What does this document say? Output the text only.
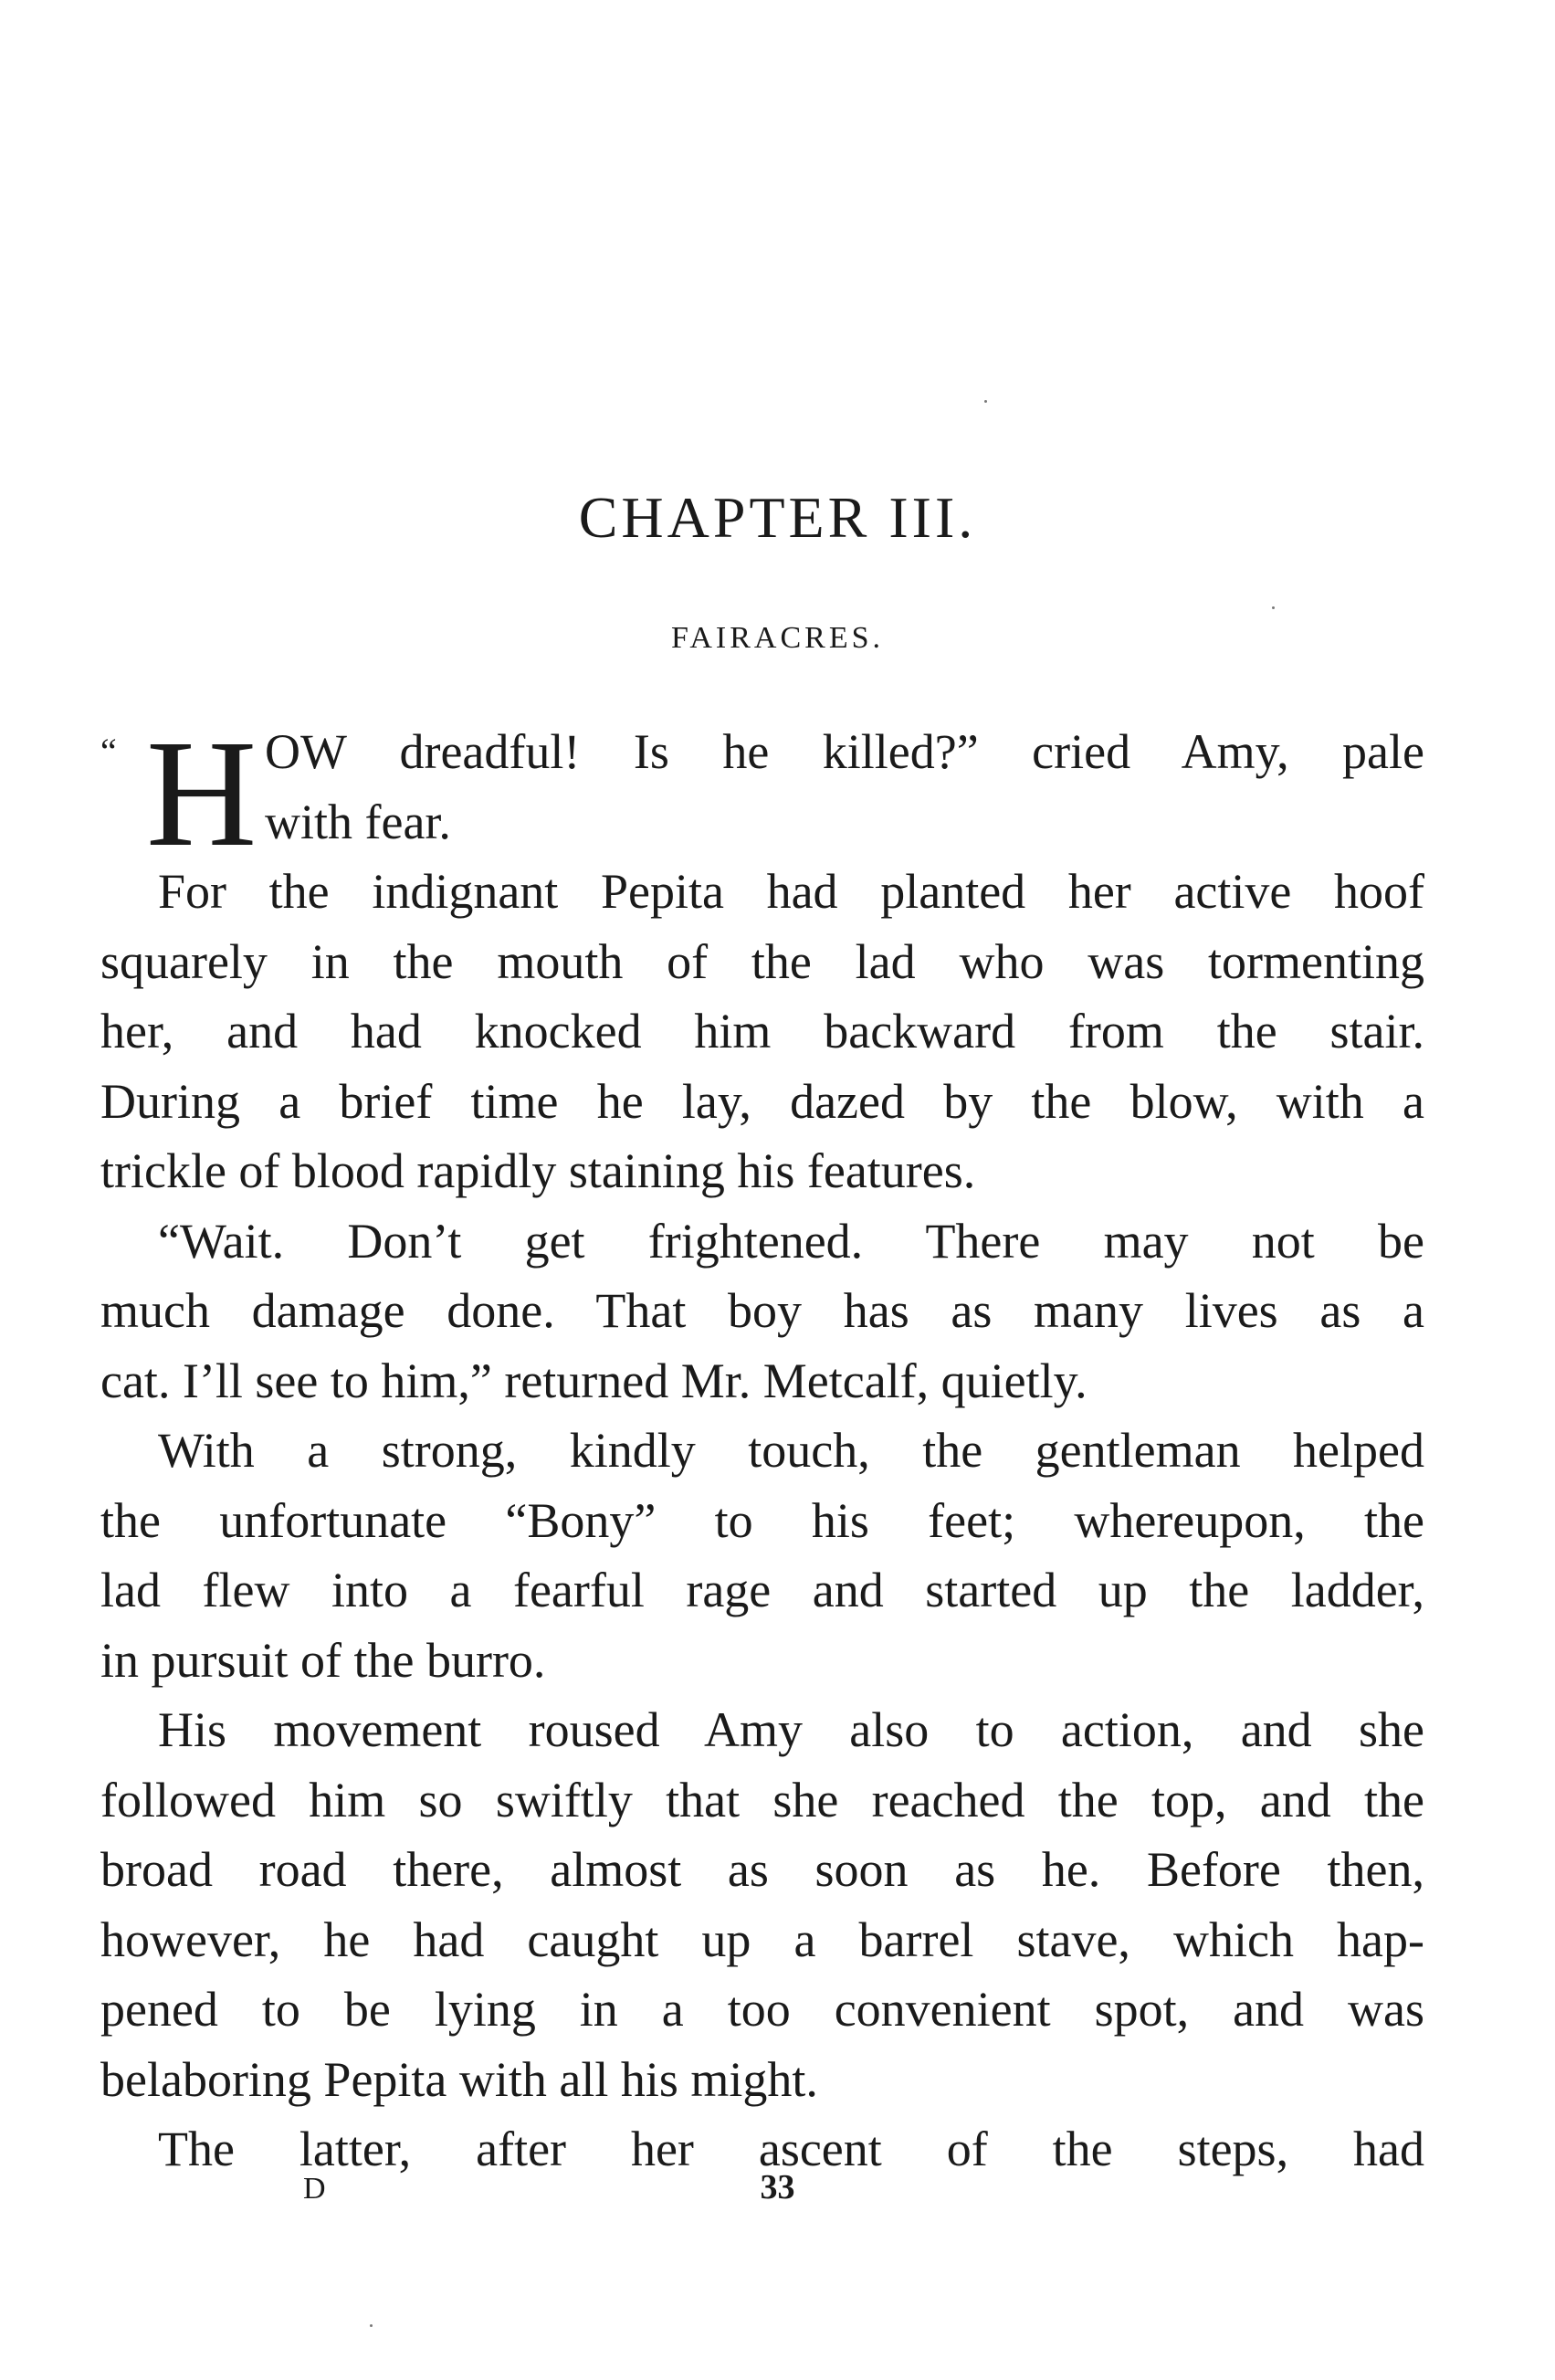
CHAPTER III.
FAIRACRES.
“ H OW dreadful! Is he killed?” cried Amy, pale
with fear.
For the indignant Pepita had planted her active hoof
squarely in the mouth of the lad who was tormenting
her, and had knocked him backward from the stair.
During a brief time he lay, dazed by the blow, with a
trickle of blood rapidly staining his features.
“Wait. Don’t get frightened. There may not be
much damage done. That boy has as many lives as a
cat. I’ll see to him,” returned Mr. Metcalf, quietly.
With a strong, kindly touch, the gentleman helped
the unfortunate “Bony” to his feet; whereupon, the
lad flew into a fearful rage and started up the ladder,
in pursuit of the burro.
His movement roused Amy also to action, and she
followed him so swiftly that she reached the top, and the
broad road there, almost as soon as he. Before then,
however, he had caught up a barrel stave, which hap-
pened to be lying in a too convenient spot, and was
belaboring Pepita with all his might.
The latter, after her ascent of the steps, had
D	33
